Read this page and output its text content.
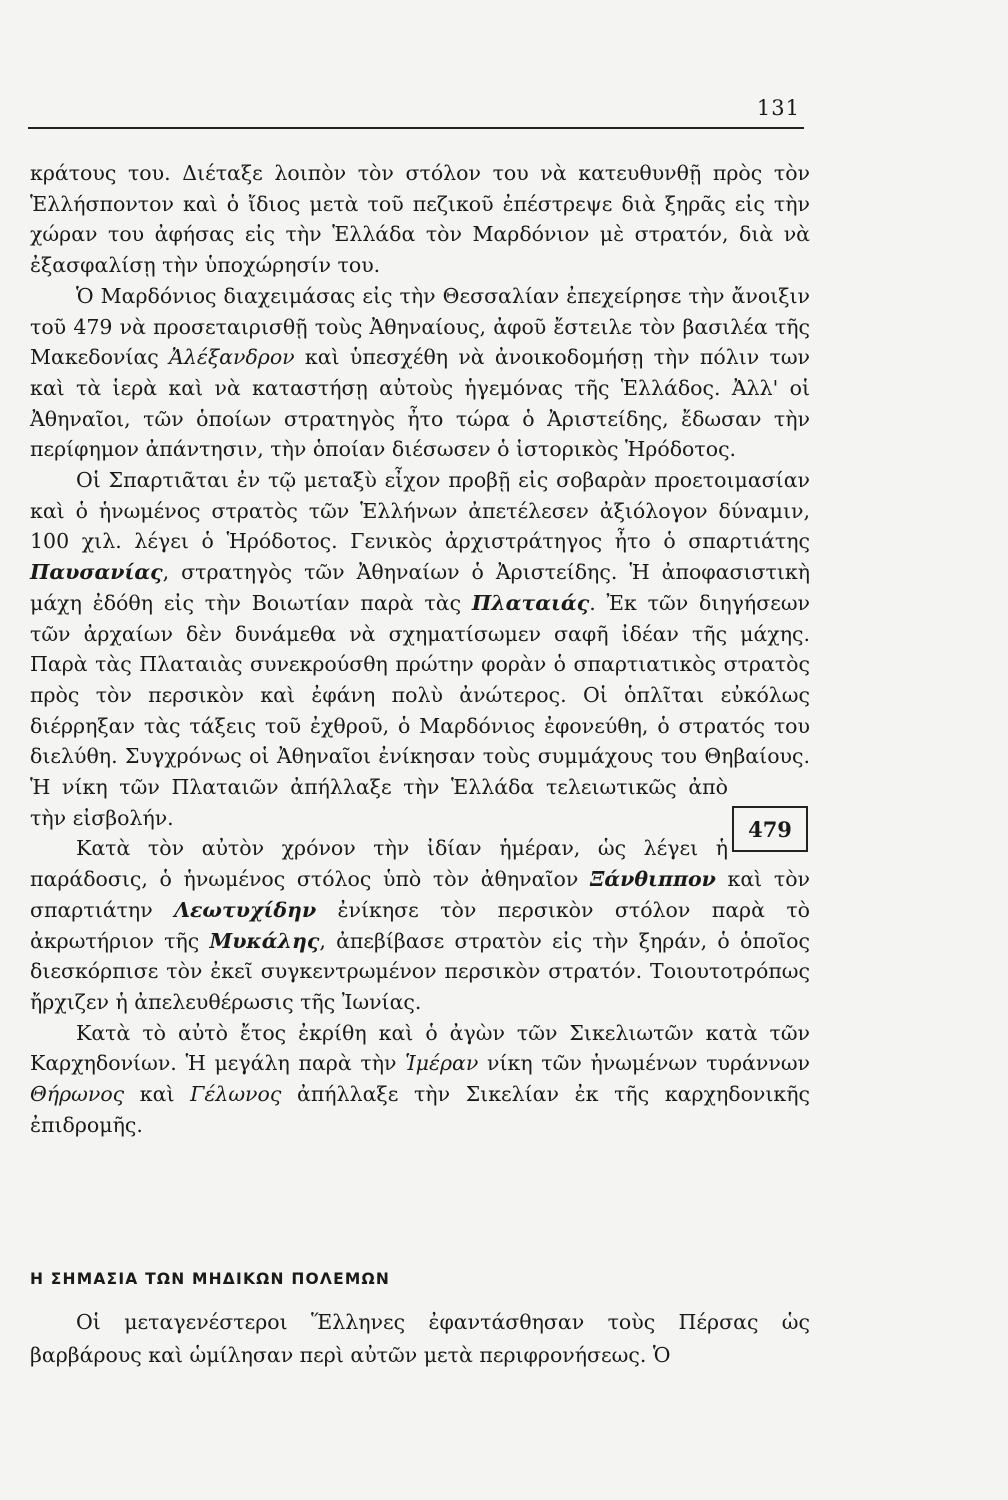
131
479

κράτους του. Διέταξε λοιπὸν τὸν στόλον του νὰ κατευθυνθῇ πρὸς τὸν Ἑλλήσποντον καὶ ὁ ἴδιος μετὰ τοῦ πεζικοῦ ἐπέστρεψε διὰ ξηρᾶς εἰς τὴν χώραν του ἀφήσας εἰς τὴν Ἑλλάδα τὸν Μαρδόνιον μὲ στρατόν, διὰ νὰ ἐξασφαλίσῃ τὴν ὑποχώρησίν του.

Ὁ Μαρδόνιος διαχειμάσας εἰς τὴν Θεσσαλίαν ἐπεχείρησε τὴν ἄνοιξιν τοῦ 479 νὰ προσεταιρισθῇ τοὺς Ἀθηναίους, ἀφοῦ ἔστειλε τὸν βασιλέα τῆς Μακεδονίας Ἀλέξανδρον καὶ ὑπεσχέθη νὰ ἀνοικοδομήσῃ τὴν πόλιν των καὶ τὰ ἱερὰ καὶ νὰ καταστήσῃ αὐτοὺς ἡγεμόνας τῆς Ἑλλάδος. Ἀλλ' οἱ Ἀθηναῖοι, τῶν ὁποίων στρατηγὸς ἦτο τώρα ὁ Ἀριστείδης, ἔδωσαν τὴν περίφημον ἀπάντησιν, τὴν ὁποίαν διέσωσεν ὁ ἱστορικὸς Ἡρόδοτος.

Οἱ Σπαρτιᾶται ἐν τῷ μεταξὺ εἶχον προβῇ εἰς σοβαρὰν προετοιμασίαν καὶ ὁ ἡνωμένος στρατὸς τῶν Ἑλλήνων ἀπετέλεσεν ἀξιόλογον δύναμιν, 100 χιλ. λέγει ὁ Ἡρόδοτος. Γενικὸς ἀρχιστράτηγος ἦτο ὁ σπαρτιάτης Παυσανίας, στρατηγὸς τῶν Ἀθηναίων ὁ Ἀριστείδης. Ἡ ἀποφασιστικὴ μάχη ἐδόθη εἰς τὴν Βοιωτίαν παρὰ τὰς Πλαταιάς. Ἐκ τῶν διηγήσεων τῶν ἀρχαίων δὲν δυνάμεθα νὰ σχηματίσωμεν σαφῆ ἰδέαν τῆς μάχης. Παρὰ τὰς Πλαταιὰς συνεκρούσθη πρώτην φορὰν ὁ σπαρτιατικὸς στρατὸς πρὸς τὸν περσικὸν καὶ ἐφάνη πολὺ ἀνώτερος. Οἱ ὁπλῖται εὐκόλως διέρρηξαν τὰς τάξεις τοῦ ἐχθροῦ, ὁ Μαρδόνιος ἐφονεύθη, ὁ στρατός του διελύθη. Συγχρόνως οἱ Ἀθηναῖοι ἐνίκησαν τοὺς συμμάχους του Θηβαίους. Ἡ νίκη τῶν Πλαταιῶν ἀπήλλαξε τὴν Ἑλλάδα τελειωτικῶς ἀπὸ τὴν εἰσβολήν.

Κατὰ τὸν αὐτὸν χρόνον τὴν ἰδίαν ἡμέραν, ὡς λέγει ἡ παράδοσις, ὁ ἡνωμένος στόλος ὑπὸ τὸν ἀθηναῖον Ξάνθιππον καὶ τὸν σπαρτιάτην Λεωτυχίδην ἐνίκησε τὸν περσικὸν στόλον παρὰ τὸ ἀκρωτήριον τῆς Μυκάλης, ἀπεβίβασε στρατὸν εἰς τὴν ξηράν, ὁ ὁποῖος διεσκόρπισε τὸν ἐκεῖ συγκεντρωμένον περσικὸν στρατόν. Τοιουτοτρόπως ἤρχιζεν ἡ ἀπελευθέρωσις τῆς Ἰωνίας.

Κατὰ τὸ αὐτὸ ἔτος ἐκρίθη καὶ ὁ ἀγὼν τῶν Σικελιωτῶν κατὰ τῶν Καρχηδονίων. Ἡ μεγάλη παρὰ τὴν Ἱμέραν νίκη τῶν ἡνωμένων τυράννων Θήρωνος καὶ Γέλωνος ἀπήλλαξε τὴν Σικελίαν ἐκ τῆς καρχηδονικῆς ἐπιδρομῆς.

Η ΣΗΜΑΣΙΑ ΤΩΝ ΜΗΔΙΚΩΝ ΠΟΛΕΜΩΝ

Οἱ μεταγενέστεροι Ἕλληνες ἐφαντάσθησαν τοὺς Πέρσας ὡς βαρβάρους καὶ ὡμίλησαν περὶ αὐτῶν μετὰ περιφρονήσεως. Ὁ
